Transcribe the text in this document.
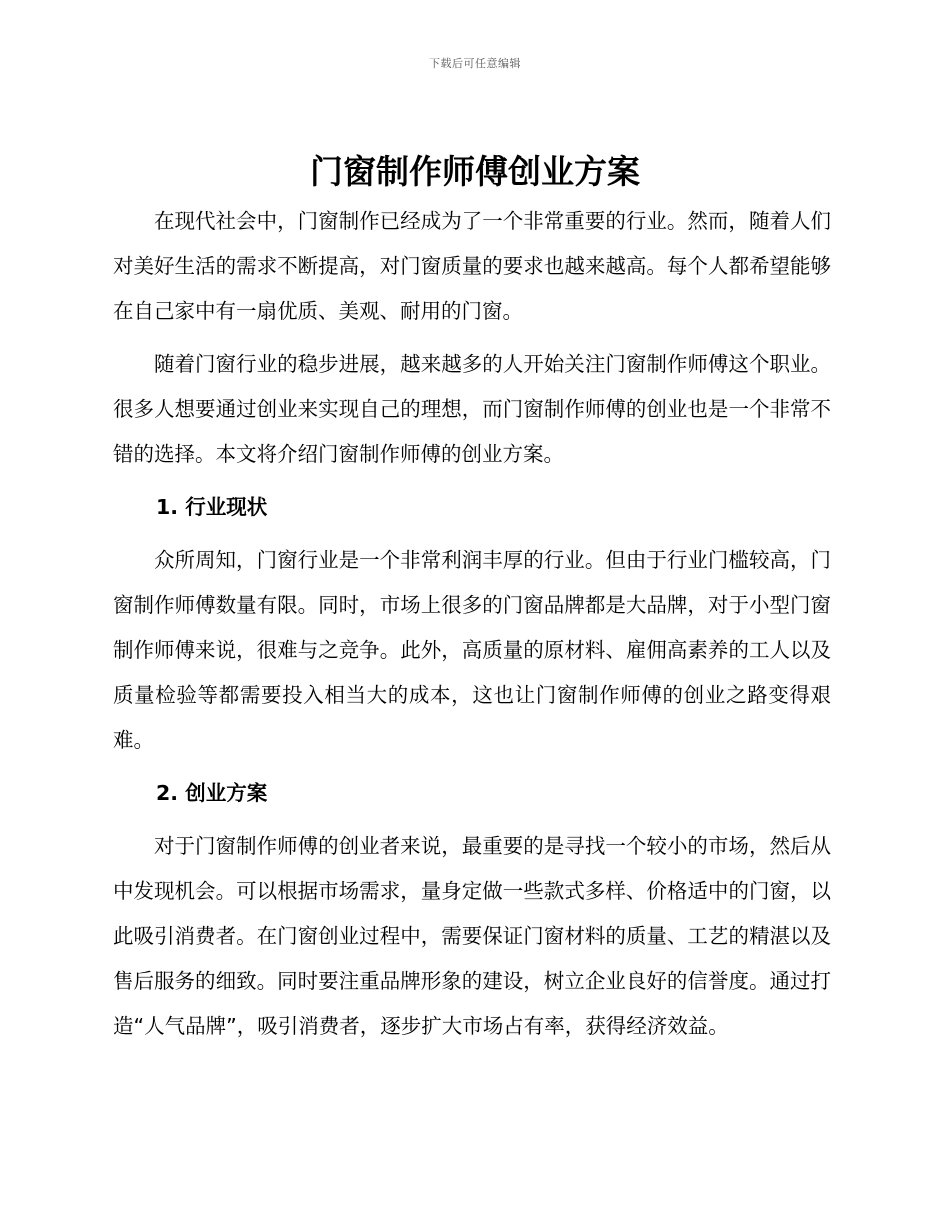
下载后可任意编辑
门窗制作师傅创业方案

在现代社会中，门窗制作已经成为了一个非常重要的行业。然而，随着人们对美好生活的需求不断提高，对门窗质量的要求也越来越高。每个人都希望能够在自己家中有一扇优质、美观、耐用的门窗。

随着门窗行业的稳步进展，越来越多的人开始关注门窗制作师傅这个职业。很多人想要通过创业来实现自己的理想，而门窗制作师傅的创业也是一个非常不错的选择。本文将介绍门窗制作师傅的创业方案。

1. 行业现状

众所周知，门窗行业是一个非常利润丰厚的行业。但由于行业门槛较高，门窗制作师傅数量有限。同时，市场上很多的门窗品牌都是大品牌，对于小型门窗制作师傅来说，很难与之竞争。此外，高质量的原材料、雇佣高素养的工人以及质量检验等都需要投入相当大的成本，这也让门窗制作师傅的创业之路变得艰难。

2. 创业方案

对于门窗制作师傅的创业者来说，最重要的是寻找一个较小的市场，然后从中发现机会。可以根据市场需求，量身定做一些款式多样、价格适中的门窗，以此吸引消费者。在门窗创业过程中，需要保证门窗材料的质量、工艺的精湛以及售后服务的细致。同时要注重品牌形象的建设，树立企业良好的信誉度。通过打造“人气品牌”，吸引消费者，逐步扩大市场占有率，获得经济效益。
